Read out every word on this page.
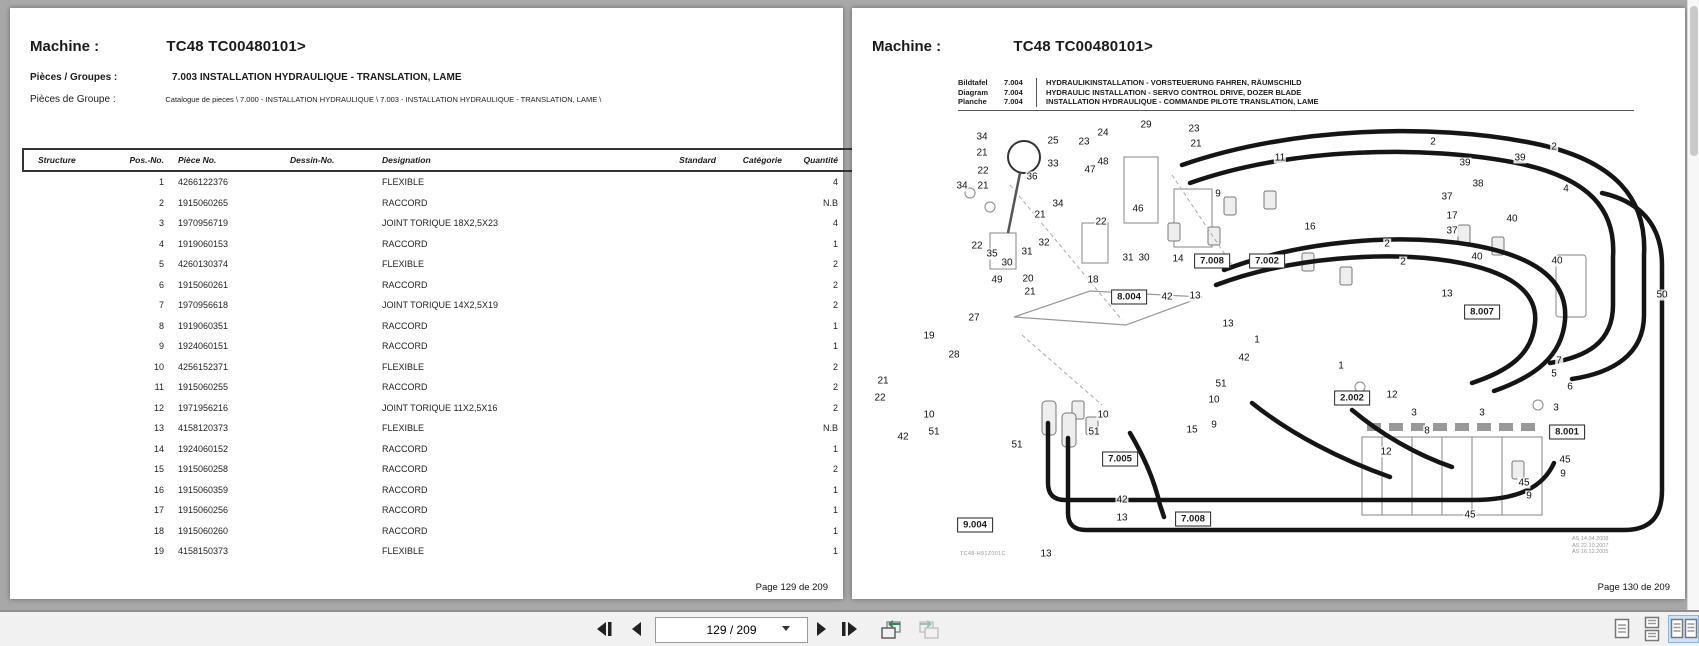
Machine :	TC48 TC00480101>
Pièces / Groupes :	7.003 INSTALLATION HYDRAULIQUE - TRANSLATION, LAME
Pièces de Groupe :	Catalogue de pieces \ 7.000 - INSTALLATION HYDRAULIQUE \ 7.003 - INSTALLATION HYDRAULIQUE - TRANSLATION, LAME \
Structure	Pos.-No.	Pièce No.	Dessin-No.	Designation	Standard	Catégorie	Quantité	
	1	4266122376		FLEXIBLE			4	
	2	1915060265		RACCORD			N.B	
	3	1970956719		JOINT TORIQUE 18X2,5X23			4	
	4	1919060153		RACCORD			1	
	5	4260130374		FLEXIBLE			2	
	6	1915060261		RACCORD			2	
	7	1970956618		JOINT TORIQUE 14X2,5X19			2	
	8	1919060351		RACCORD			1	
	9	1924060151		RACCORD			1	
	10	4256152371		FLEXIBLE			2	
	11	1915060255		RACCORD			2	
	12	1971956216		JOINT TORIQUE 11X2,5X16			2	
	13	4158120373		FLEXIBLE			N.B	
	14	1924060152		RACCORD			1	
	15	1915060258		RACCORD			2	
	16	1915060359		RACCORD			1	
	17	1915060256		RACCORD			1	
	18	1915060260		RACCORD			1	
	19	4158150373		FLEXIBLE			1	
Page 129 de 209
Machine :	TC48 TC00480101>
Bildtafel	7.004	HYDRAULIKINSTALLATION - VORSTEUERUNG FAHREN, RÄUMSCHILD
Diagram	7.004	HYDRAULIC INSTALLATION - SERVO CONTROL DRIVE, DOZER BLADE
Planche	7.004	INSTALLATION HYDRAULIQUE - COMMANDE PILOTE TRANSLATION, LAME
34
21
22
34 21
25
33
36
23
24
47
48
29	23
21
11
9
16
46
22
34
21
32
31
35
22
30
49 20
21
18
27
19
28
31 30 14
42 13
21
22
10
42 51
51
10
51	15 9
10
51
42
13
13	50
1
1
12
12
3
8
3
7
5
6
3
45
9
45
9
45
42
13
13
2	2
39	39
38
37
4
17
37
40
2
40	40
2
7.008	7.002
8.004
8.007
2.002
8.001
7.005
7.008
9.004
TC48-H91Z001C
AS 14.04.2008
AS 22.10.2007
AS 16.12.2005
Page 130 de 209
129 / 209
